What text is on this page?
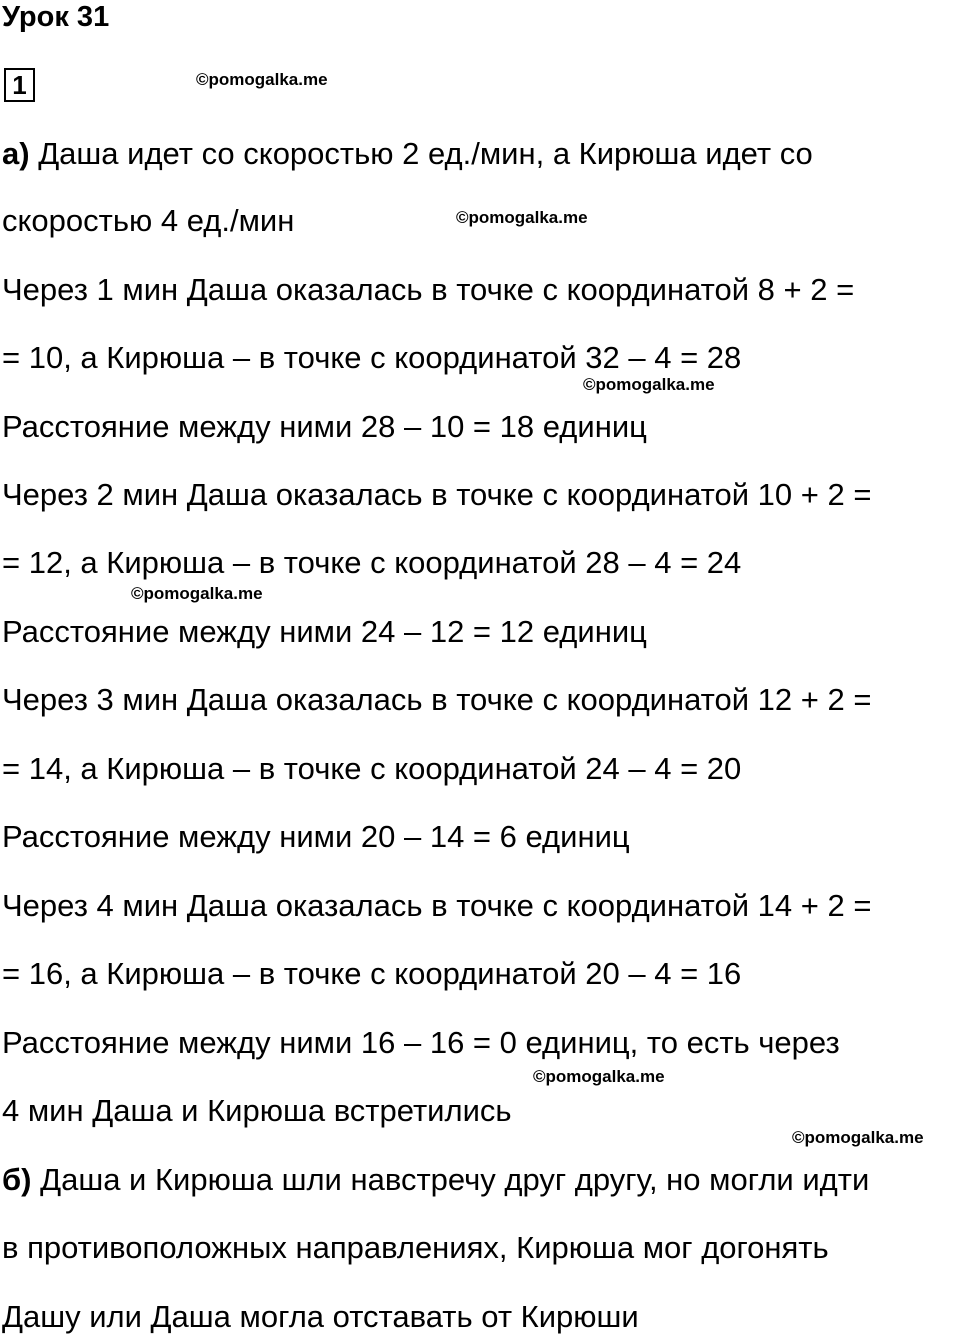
Урок 31
1	©pomogalka.me
©pomogalka.me
©pomogalka.me
©pomogalka.me
©pomogalka.me
©pomogalka.me
а) Даша идет со скоростью 2 ед./мин, а Кирюша идет со
скоростью 4 ед./мин
Через 1 мин Даша оказалась в точке с координатой 8 + 2 =
= 10, а Кирюша – в точке с координатой 32 – 4 = 28
Расстояние между ними 28 – 10 = 18 единиц
Через 2 мин Даша оказалась в точке с координатой 10 + 2 =
= 12, а Кирюша – в точке с координатой 28 – 4 = 24
Расстояние между ними 24 – 12 = 12 единиц
Через 3 мин Даша оказалась в точке с координатой 12 + 2 =
= 14, а Кирюша – в точке с координатой 24 – 4 = 20
Расстояние между ними 20 – 14 = 6 единиц
Через 4 мин Даша оказалась в точке с координатой 14 + 2 =
= 16, а Кирюша – в точке с координатой 20 – 4 = 16
Расстояние между ними 16 – 16 = 0 единиц, то есть через
4 мин Даша и Кирюша встретились
б) Даша и Кирюша шли навстречу друг другу, но могли идти
в противоположных направлениях, Кирюша мог догонять
Дашу или Даша могла отставать от Кирюши
